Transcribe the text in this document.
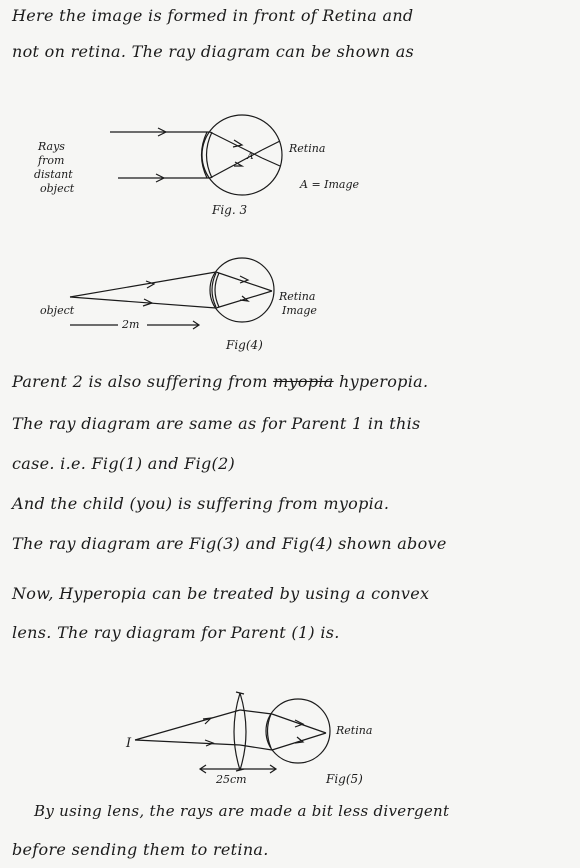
Here the image is formed in front of Retina and
not on retina. The ray diagram can be shown as
Rays
from
distant
object
Retina
A
A = Image
Fig. 3
object
2m
Retina
Image
Fig(4)
Parent 2 is also suffering from myopia hyperopia.
The ray diagram are same as for Parent 1 in this
case. i.e. Fig(1) and Fig(2)
And the child (you) is suffering from myopia.
The ray diagram are Fig(3) and Fig(4) shown above
Now, Hyperopia can be treated by using a convex
lens. The ray diagram for Parent (1) is.
I
25cm
Retina
Fig(5)
By using lens, the rays are made a bit less divergent
before sending them to retina.
